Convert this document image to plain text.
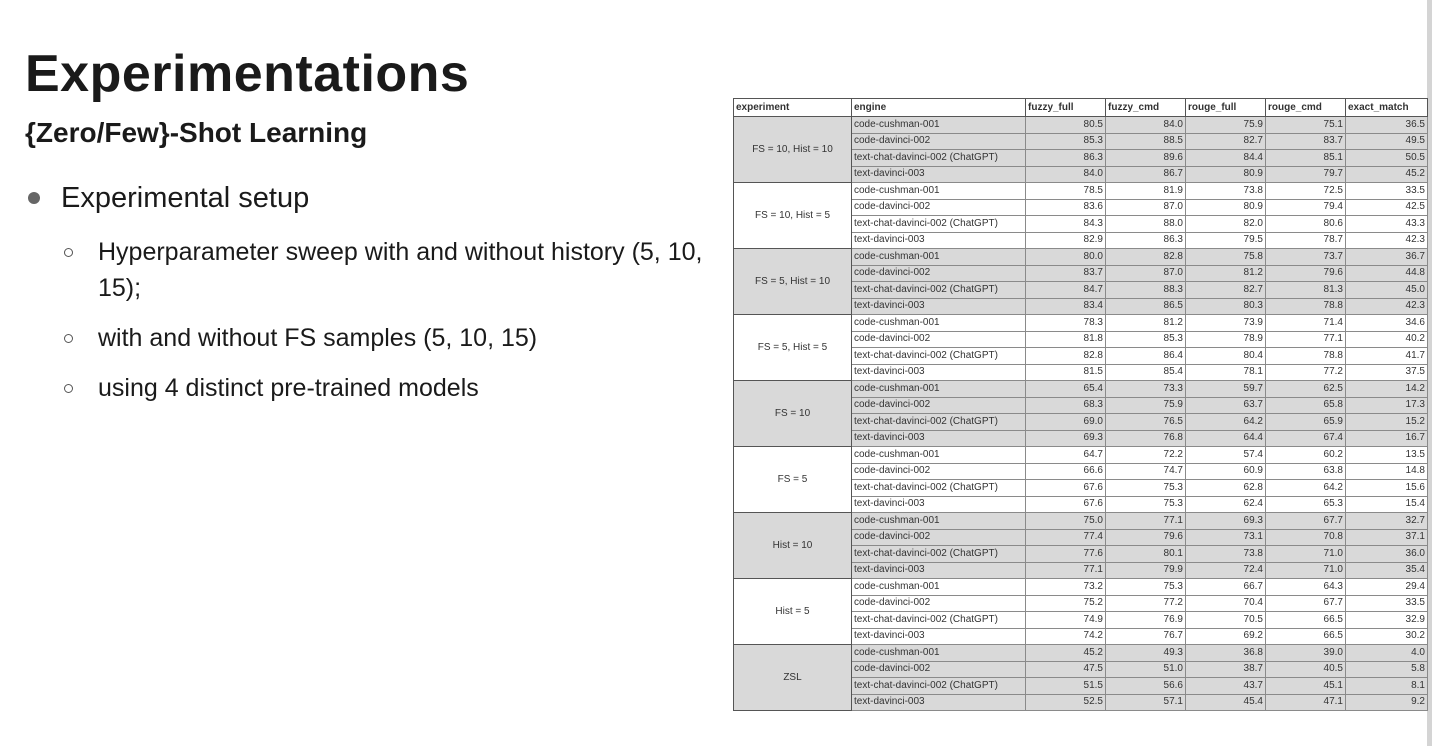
Experimentations
{Zero/Few}-Shot Learning
Experimental setup
Hyperparameter sweep with and without history (5, 10, 15);
with and without FS samples (5, 10, 15)
using 4 distinct pre-trained models
experiment	engine	fuzzy_full	fuzzy_cmd	rouge_full	rouge_cmd	exact_match
FS = 10, Hist = 10	code-cushman-001	80.5	84.0	75.9	75.1	36.5
	code-davinci-002	85.3	88.5	82.7	83.7	49.5
	text-chat-davinci-002 (ChatGPT)	86.3	89.6	84.4	85.1	50.5
	text-davinci-003	84.0	86.7	80.9	79.7	45.2
FS = 10, Hist = 5	code-cushman-001	78.5	81.9	73.8	72.5	33.5
	code-davinci-002	83.6	87.0	80.9	79.4	42.5
	text-chat-davinci-002 (ChatGPT)	84.3	88.0	82.0	80.6	43.3
	text-davinci-003	82.9	86.3	79.5	78.7	42.3
FS = 5, Hist = 10	code-cushman-001	80.0	82.8	75.8	73.7	36.7
	code-davinci-002	83.7	87.0	81.2	79.6	44.8
	text-chat-davinci-002 (ChatGPT)	84.7	88.3	82.7	81.3	45.0
	text-davinci-003	83.4	86.5	80.3	78.8	42.3
FS = 5, Hist = 5	code-cushman-001	78.3	81.2	73.9	71.4	34.6
	code-davinci-002	81.8	85.3	78.9	77.1	40.2
	text-chat-davinci-002 (ChatGPT)	82.8	86.4	80.4	78.8	41.7
	text-davinci-003	81.5	85.4	78.1	77.2	37.5
FS = 10	code-cushman-001	65.4	73.3	59.7	62.5	14.2
	code-davinci-002	68.3	75.9	63.7	65.8	17.3
	text-chat-davinci-002 (ChatGPT)	69.0	76.5	64.2	65.9	15.2
	text-davinci-003	69.3	76.8	64.4	67.4	16.7
FS = 5	code-cushman-001	64.7	72.2	57.4	60.2	13.5
	code-davinci-002	66.6	74.7	60.9	63.8	14.8
	text-chat-davinci-002 (ChatGPT)	67.6	75.3	62.8	64.2	15.6
	text-davinci-003	67.6	75.3	62.4	65.3	15.4
Hist = 10	code-cushman-001	75.0	77.1	69.3	67.7	32.7
	code-davinci-002	77.4	79.6	73.1	70.8	37.1
	text-chat-davinci-002 (ChatGPT)	77.6	80.1	73.8	71.0	36.0
	text-davinci-003	77.1	79.9	72.4	71.0	35.4
Hist = 5	code-cushman-001	73.2	75.3	66.7	64.3	29.4
	code-davinci-002	75.2	77.2	70.4	67.7	33.5
	text-chat-davinci-002 (ChatGPT)	74.9	76.9	70.5	66.5	32.9
	text-davinci-003	74.2	76.7	69.2	66.5	30.2
ZSL	code-cushman-001	45.2	49.3	36.8	39.0	4.0
	code-davinci-002	47.5	51.0	38.7	40.5	5.8
	text-chat-davinci-002 (ChatGPT)	51.5	56.6	43.7	45.1	8.1
	text-davinci-003	52.5	57.1	45.4	47.1	9.2
